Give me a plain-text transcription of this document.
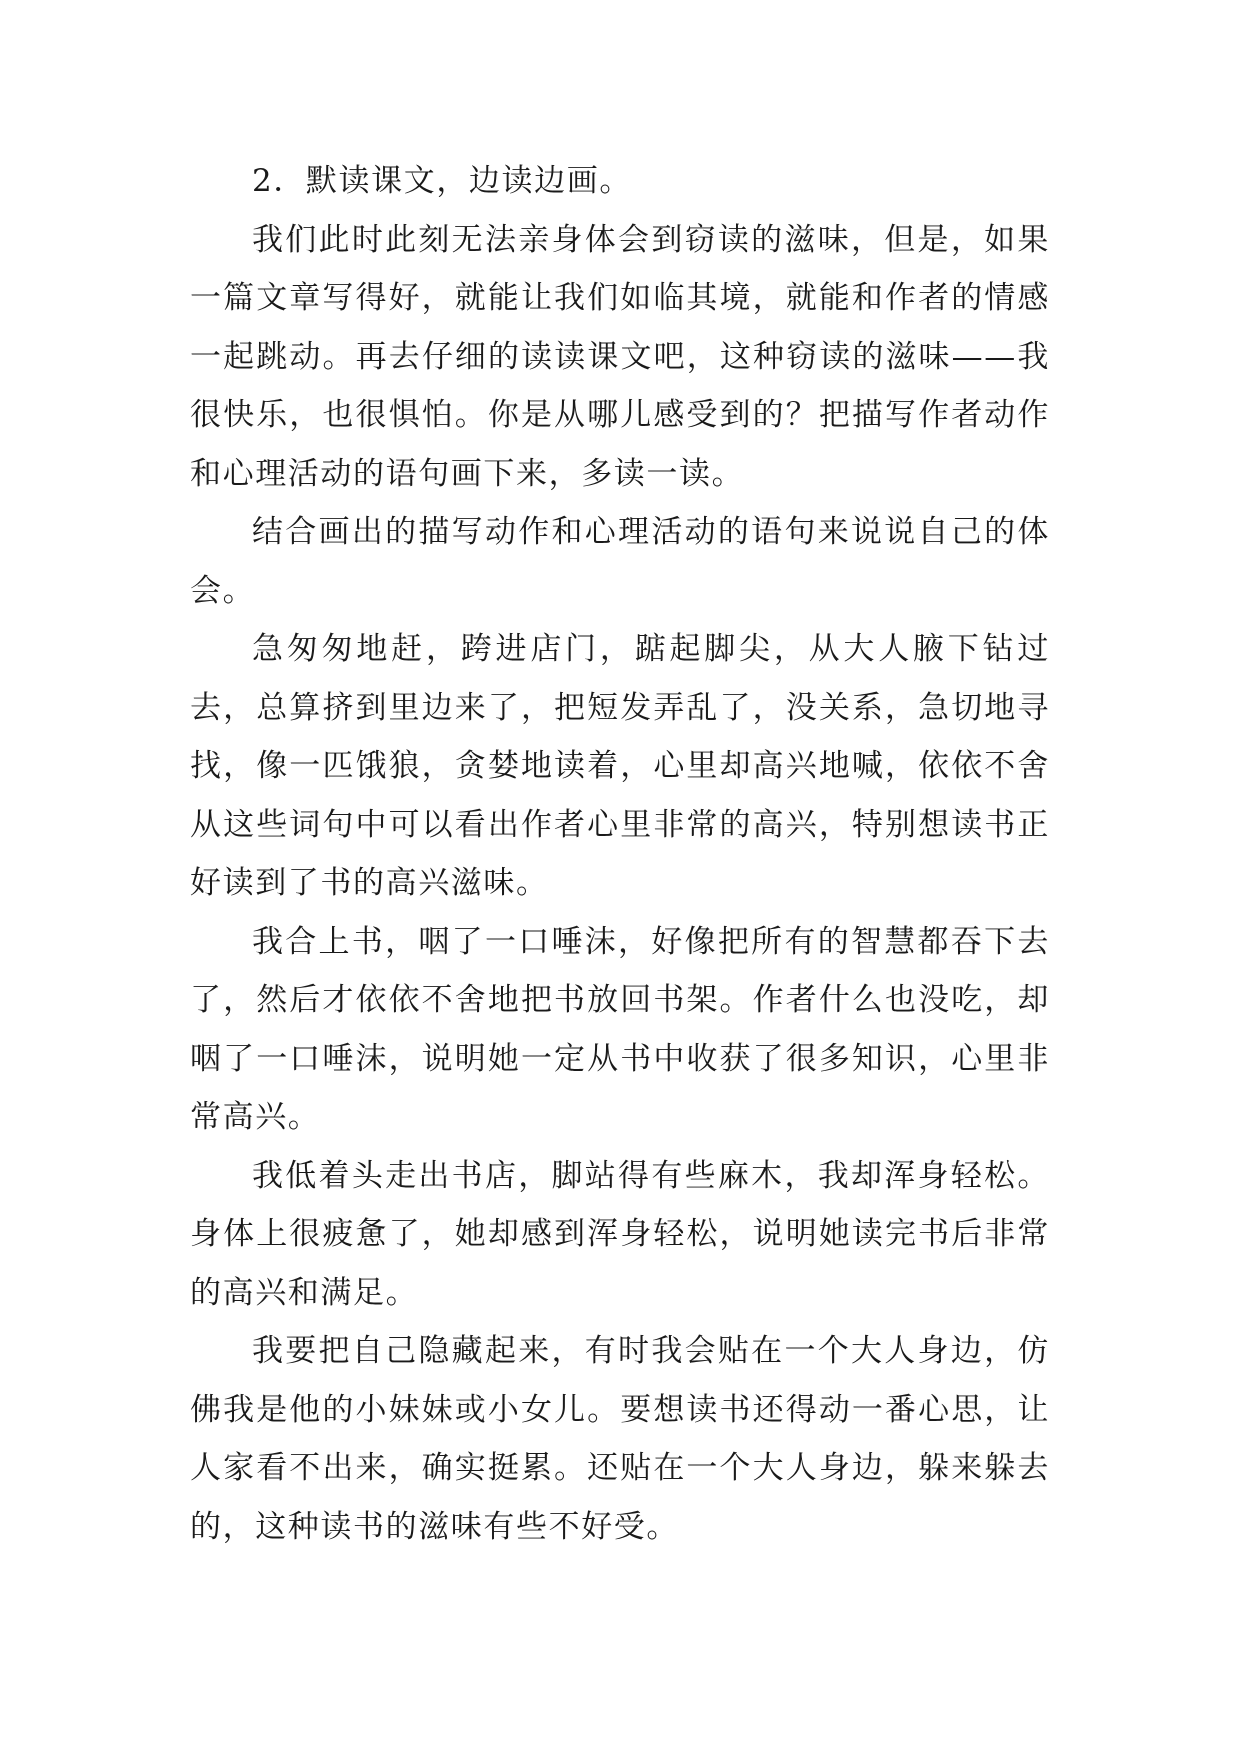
2．默读课文，边读边画。

我们此时此刻无法亲身体会到窃读的滋味，但是，如果一篇文章写得好，就能让我们如临其境，就能和作者的情感一起跳动。再去仔细的读读课文吧，这种窃读的滋味——我很快乐，也很惧怕。你是从哪儿感受到的？把描写作者动作和心理活动的语句画下来，多读一读。

结合画出的描写动作和心理活动的语句来说说自己的体会。

急匆匆地赶，跨进店门，踮起脚尖，从大人腋下钻过去，总算挤到里边来了，把短发弄乱了，没关系，急切地寻找，像一匹饿狼，贪婪地读着，心里却高兴地喊，依依不舍从这些词句中可以看出作者心里非常的高兴，特别想读书正好读到了书的高兴滋味。

我合上书，咽了一口唾沫，好像把所有的智慧都吞下去了，然后才依依不舍地把书放回书架。作者什么也没吃，却咽了一口唾沫，说明她一定从书中收获了很多知识，心里非常高兴。

我低着头走出书店，脚站得有些麻木，我却浑身轻松。身体上很疲惫了，她却感到浑身轻松，说明她读完书后非常的高兴和满足。

我要把自己隐藏起来，有时我会贴在一个大人身边，仿佛我是他的小妹妹或小女儿。要想读书还得动一番心思，让人家看不出来，确实挺累。还贴在一个大人身边，躲来躲去的，这种读书的滋味有些不好受。
